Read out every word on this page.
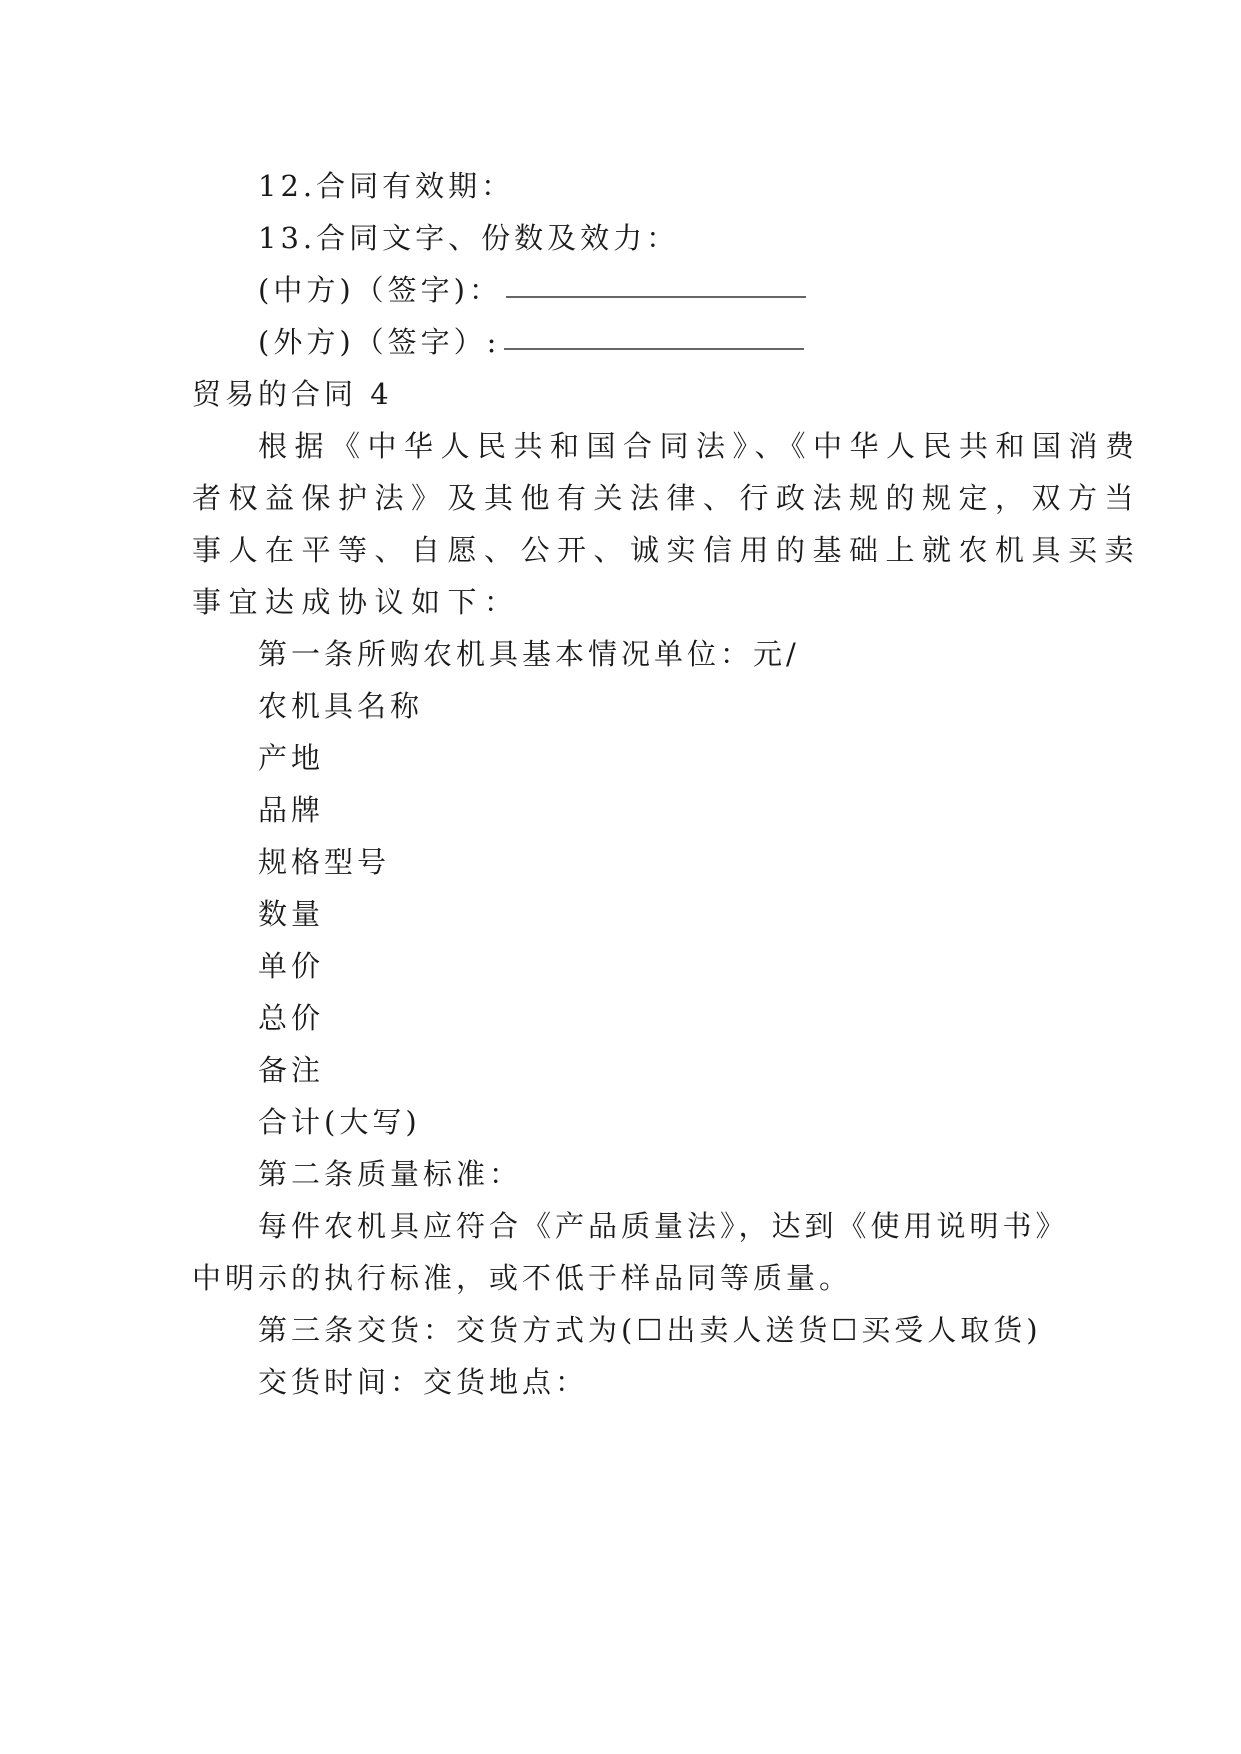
12.合同有效期：
13.合同文字、份数及效力：
(中方)（签字)：
(外方)（签字）:
贸易的合同 4
根据《中华人民共和国合同法》、《中华人民共和国消费
者权益保护法》及其他有关法律、行政法规的规定，双方当
事人在平等、自愿、公开、诚实信用的基础上就农机具买卖
事宜达成协议如下：
第一条所购农机具基本情况单位：元/
农机具名称
产地
品牌
规格型号
数量
单价
总价
备注
合计(大写)
第二条质量标准：
每件农机具应符合《产品质量法》，达到《使用说明书》
中明示的执行标准，或不低于样品同等质量。
第三条交货：交货方式为(☐出卖人送货☐买受人取货)
交货时间：交货地点：
